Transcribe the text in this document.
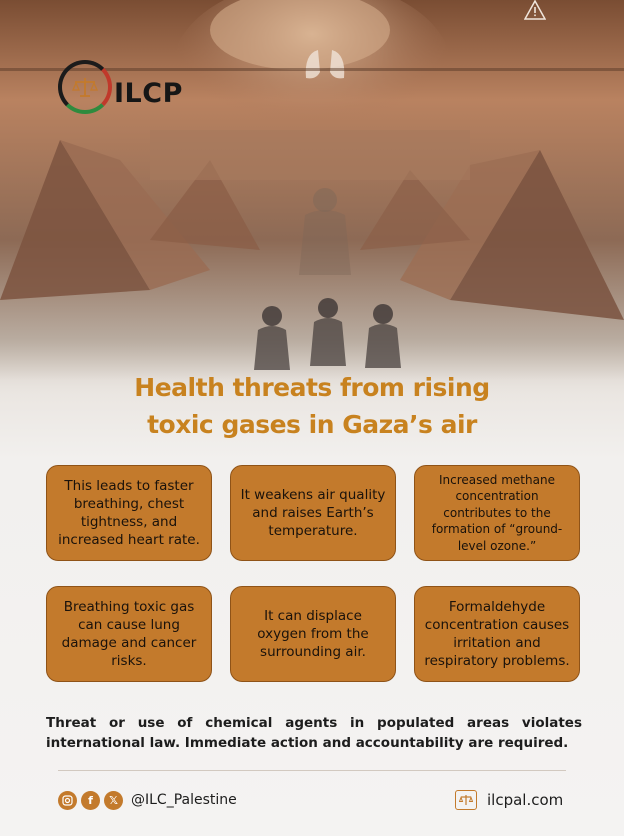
ILCP
Health threats from rising
toxic gases in Gaza’s air
This leads to faster breathing, chest tightness, and increased heart rate.
It weakens air quality and raises Earth’s temperature.
Increased methane concentration contributes to the formation of “ground-level ozone.”
Breathing toxic gas can cause lung damage and cancer risks.
It can displace oxygen from the surrounding air.
Formaldehyde concentration causes irritation and respiratory problems.
Threat or use of chemical agents in populated areas violates
international law. Immediate action and accountability are required.
f	𝕏 @ILC_Palestine	ilcpal.com
